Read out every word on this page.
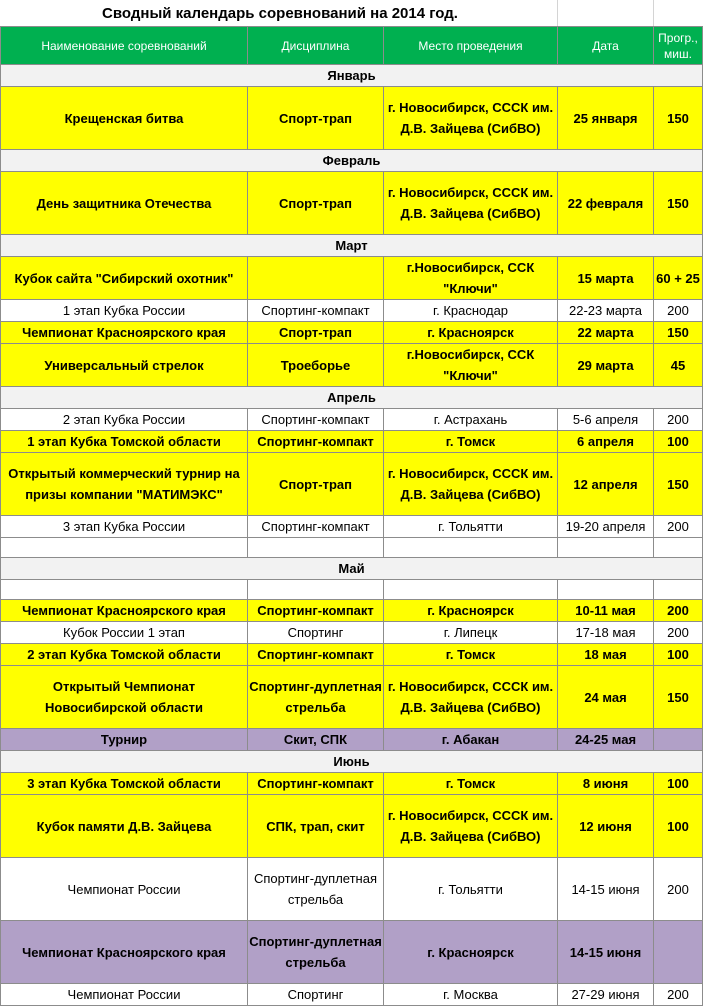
Сводный календарь соревнований на 2014 год.
Наименование соревнований	Дисциплина	Место проведения	Дата	Прогр., миш.
Январь				
Крещенская битва	Спорт-трап	г. Новосибирск, СССК им. Д.В. Зайцева (СибВО)	25 января	150
Февраль				
День защитника Отечества	Спорт-трап	г. Новосибирск, СССК им. Д.В. Зайцева (СибВО)	22 февраля	150
Март				
Кубок сайта "Сибирский охотник"		г.Новосибирск, ССК "Ключи"	15 марта	60 + 25
1 этап Кубка России	Спортинг-компакт	г. Краснодар	22-23 марта	200
Чемпионат Красноярского края	Спорт-трап	г. Красноярск	22 марта	150
Универсальный стрелок	Троеборье	г.Новосибирск, ССК "Ключи"	29 марта	45
Апрель				
2 этап Кубка России	Спортинг-компакт	г. Астрахань	5-6 апреля	200
1 этап Кубка Томской области	Спортинг-компакт	г. Томск	6 апреля	100
Открытый коммерческий турнир на призы компании "МАТИМЭКС"	Спорт-трап	г. Новосибирск, СССК им. Д.В. Зайцева (СибВО)	12 апреля	150
3 этап Кубка России	Спортинг-компакт	г. Тольятти	19-20 апреля	200

Май				

Чемпионат Красноярского края	Спортинг-компакт	г. Красноярск	10-11 мая	200
Кубок России 1 этап	Спортинг	г. Липецк	17-18 мая	200
2 этап Кубка Томской области	Спортинг-компакт	г. Томск	18 мая	100
Открытый Чемпионат Новосибирской области	Спортинг-дуплетная стрельба	г. Новосибирск, СССК им. Д.В. Зайцева (СибВО)	24 мая	150
Турнир	Скит, СПК	г. Абакан	24-25 мая	
Июнь				
3 этап Кубка Томской области	Спортинг-компакт	г. Томск	8 июня	100
Кубок памяти Д.В. Зайцева	СПК, трап, скит	г. Новосибирск, СССК им. Д.В. Зайцева (СибВО)	12 июня	100
Чемпионат России	Спортинг-дуплетная стрельба	г. Тольятти	14-15 июня	200
Чемпионат Красноярского края	Спортинг-дуплетная стрельба	г. Красноярск	14-15 июня	
Чемпионат России	Спортинг	г. Москва	27-29 июня	200
